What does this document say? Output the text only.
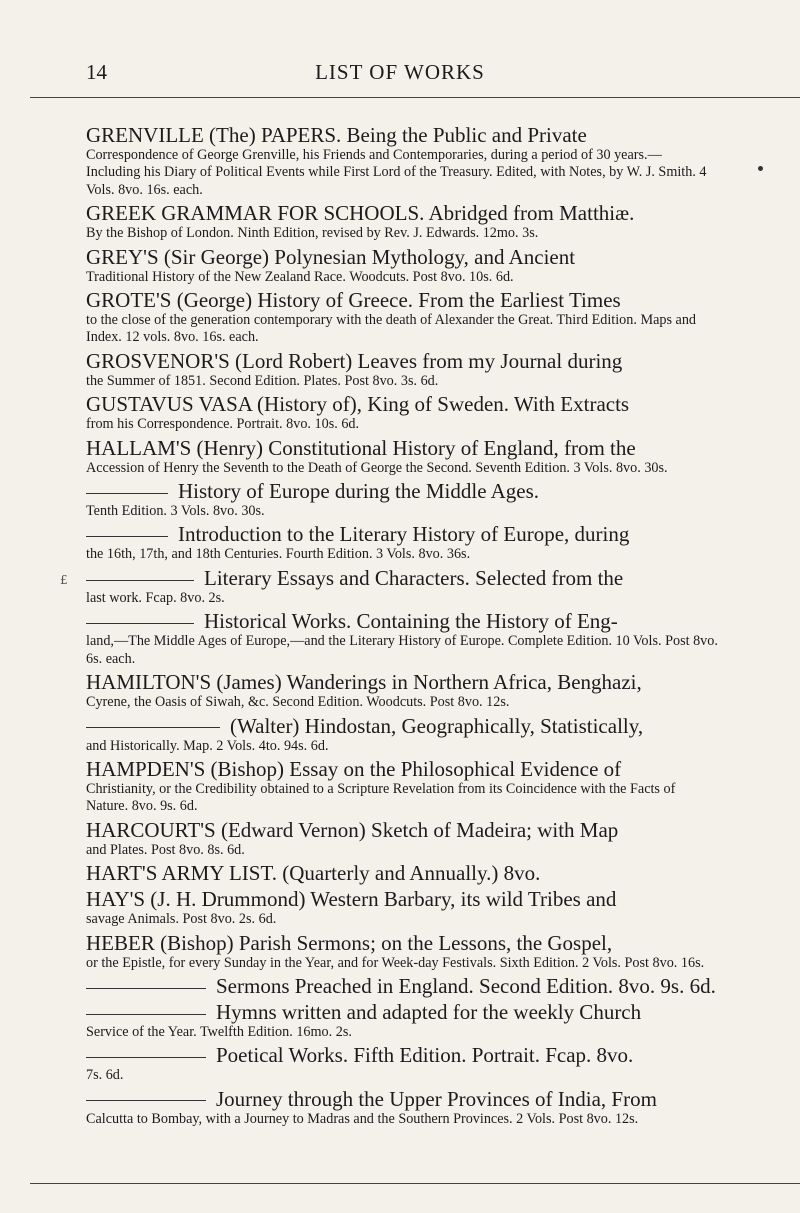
14	LIST OF WORKS
£
GRENVILLE (The) PAPERS. Being the Public and Private
Correspondence of George Grenville, his Friends and Contemporaries, during a period of 30 years.— Including his Diary of Political Events while First Lord of the Treasury. Edited, with Notes, by W. J. Smith. 4 Vols. 8vo. 16s. each.
GREEK GRAMMAR FOR SCHOOLS. Abridged from Matthiæ.
By the Bishop of London. Ninth Edition, revised by Rev. J. Edwards. 12mo. 3s.
GREY'S (Sir George) Polynesian Mythology, and Ancient
Traditional History of the New Zealand Race. Woodcuts. Post 8vo. 10s. 6d.
GROTE'S (George) History of Greece. From the Earliest Times
to the close of the generation contemporary with the death of Alexander the Great. Third Edition. Maps and Index. 12 vols. 8vo. 16s. each.
GROSVENOR'S (Lord Robert) Leaves from my Journal during
the Summer of 1851. Second Edition. Plates. Post 8vo. 3s. 6d.
GUSTAVUS VASA (History of), King of Sweden. With Extracts
from his Correspondence. Portrait. 8vo. 10s. 6d.
HALLAM'S (Henry) Constitutional History of England, from the
Accession of Henry the Seventh to the Death of George the Second. Seventh Edition. 3 Vols. 8vo. 30s.
History of Europe during the Middle Ages.
Tenth Edition. 3 Vols. 8vo. 30s.
Introduction to the Literary History of Europe, during
the 16th, 17th, and 18th Centuries. Fourth Edition. 3 Vols. 8vo. 36s.
Literary Essays and Characters. Selected from the
last work. Fcap. 8vo. 2s.
Historical Works. Containing the History of Eng-
land,—The Middle Ages of Europe,—and the Literary History of Europe. Complete Edition. 10 Vols. Post 8vo. 6s. each.
HAMILTON'S (James) Wanderings in Northern Africa, Benghazi,
Cyrene, the Oasis of Siwah, &c. Second Edition. Woodcuts. Post 8vo. 12s.
(Walter) Hindostan, Geographically, Statistically,
and Historically. Map. 2 Vols. 4to. 94s. 6d.
HAMPDEN'S (Bishop) Essay on the Philosophical Evidence of
Christianity, or the Credibility obtained to a Scripture Revelation from its Coincidence with the Facts of Nature. 8vo. 9s. 6d.
HARCOURT'S (Edward Vernon) Sketch of Madeira; with Map
and Plates. Post 8vo. 8s. 6d.
HART'S ARMY LIST. (Quarterly and Annually.) 8vo.
HAY'S (J. H. Drummond) Western Barbary, its wild Tribes and
savage Animals. Post 8vo. 2s. 6d.
HEBER (Bishop) Parish Sermons; on the Lessons, the Gospel,
or the Epistle, for every Sunday in the Year, and for Week-day Festivals. Sixth Edition. 2 Vols. Post 8vo. 16s.
Sermons Preached in England. Second Edition. 8vo. 9s. 6d.
Hymns written and adapted for the weekly Church
Service of the Year. Twelfth Edition. 16mo. 2s.
Poetical Works. Fifth Edition. Portrait. Fcap. 8vo.
7s. 6d.
Journey through the Upper Provinces of India, From
Calcutta to Bombay, with a Journey to Madras and the Southern Provinces. 2 Vols. Post 8vo. 12s.
